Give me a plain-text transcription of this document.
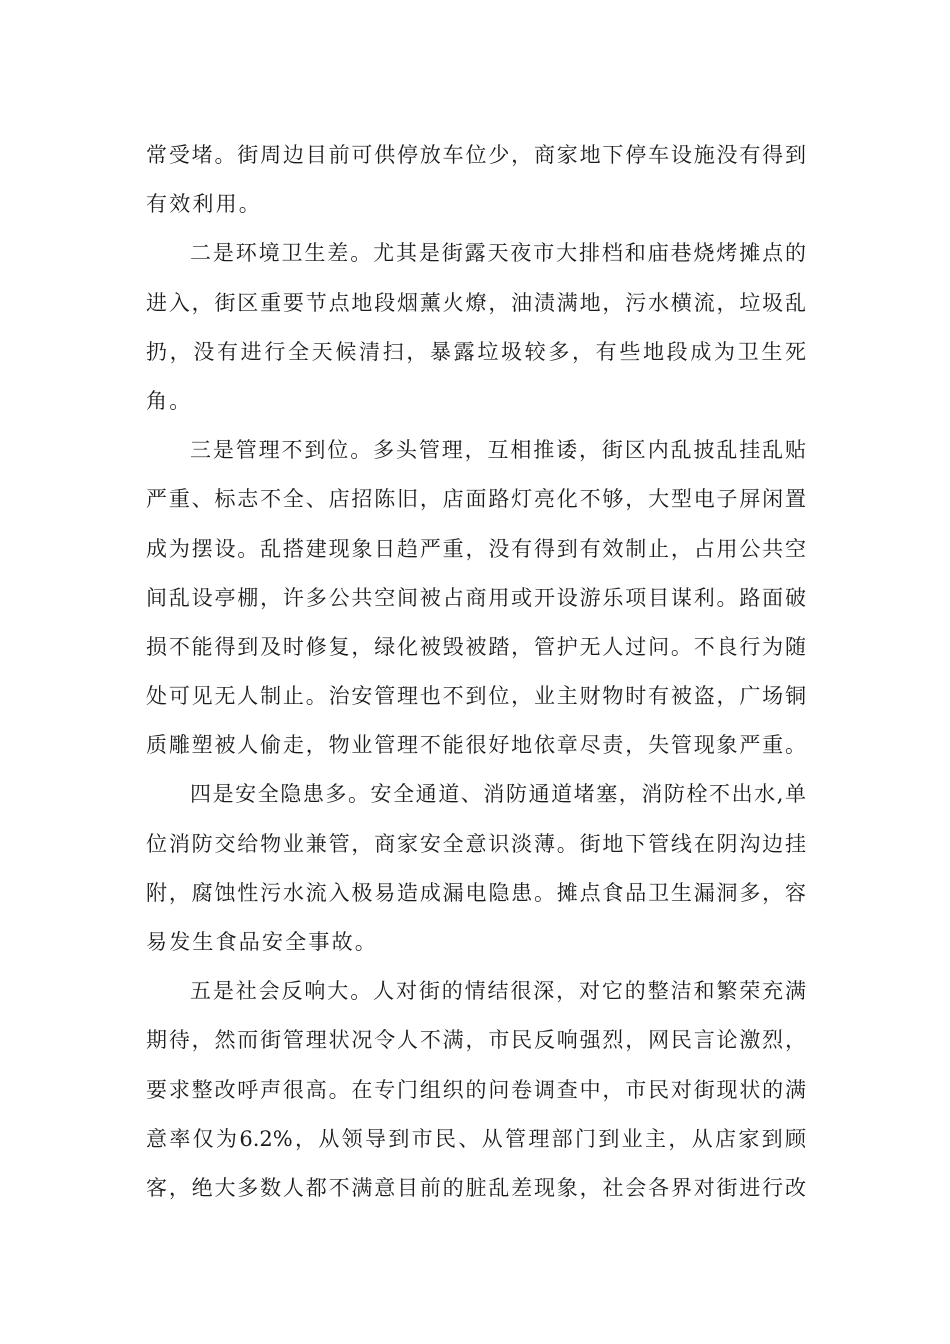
常受堵。街周边目前可供停放车位少，商家地下停车设施没有得到
有效利用。
二是环境卫生差。尤其是街露天夜市大排档和庙巷烧烤摊点的
进入，街区重要节点地段烟薰火燎，油渍满地，污水横流，垃圾乱
扔，没有进行全天候清扫，暴露垃圾较多，有些地段成为卫生死
角。
三是管理不到位。多头管理，互相推诿，街区内乱披乱挂乱贴
严重、标志不全、店招陈旧，店面路灯亮化不够，大型电子屏闲置
成为摆设。乱搭建现象日趋严重，没有得到有效制止，占用公共空
间乱设亭棚，许多公共空间被占商用或开设游乐项目谋利。路面破
损不能得到及时修复，绿化被毁被踏，管护无人过问。不良行为随
处可见无人制止。治安管理也不到位，业主财物时有被盗，广场铜
质雕塑被人偷走，物业管理不能很好地依章尽责，失管现象严重。
四是安全隐患多。安全通道、消防通道堵塞，消防栓不出水,单
位消防交给物业兼管，商家安全意识淡薄。街地下管线在阴沟边挂
附，腐蚀性污水流入极易造成漏电隐患。摊点食品卫生漏洞多，容
易发生食品安全事故。
五是社会反响大。人对街的情结很深，对它的整洁和繁荣充满
期待，然而街管理状况令人不满，市民反响强烈，网民言论激烈，
要求整改呼声很高。在专门组织的问卷调查中，市民对街现状的满
意率仅为6.2%，从领导到市民、从管理部门到业主，从店家到顾
客，绝大多数人都不满意目前的脏乱差现象，社会各界对街进行改
